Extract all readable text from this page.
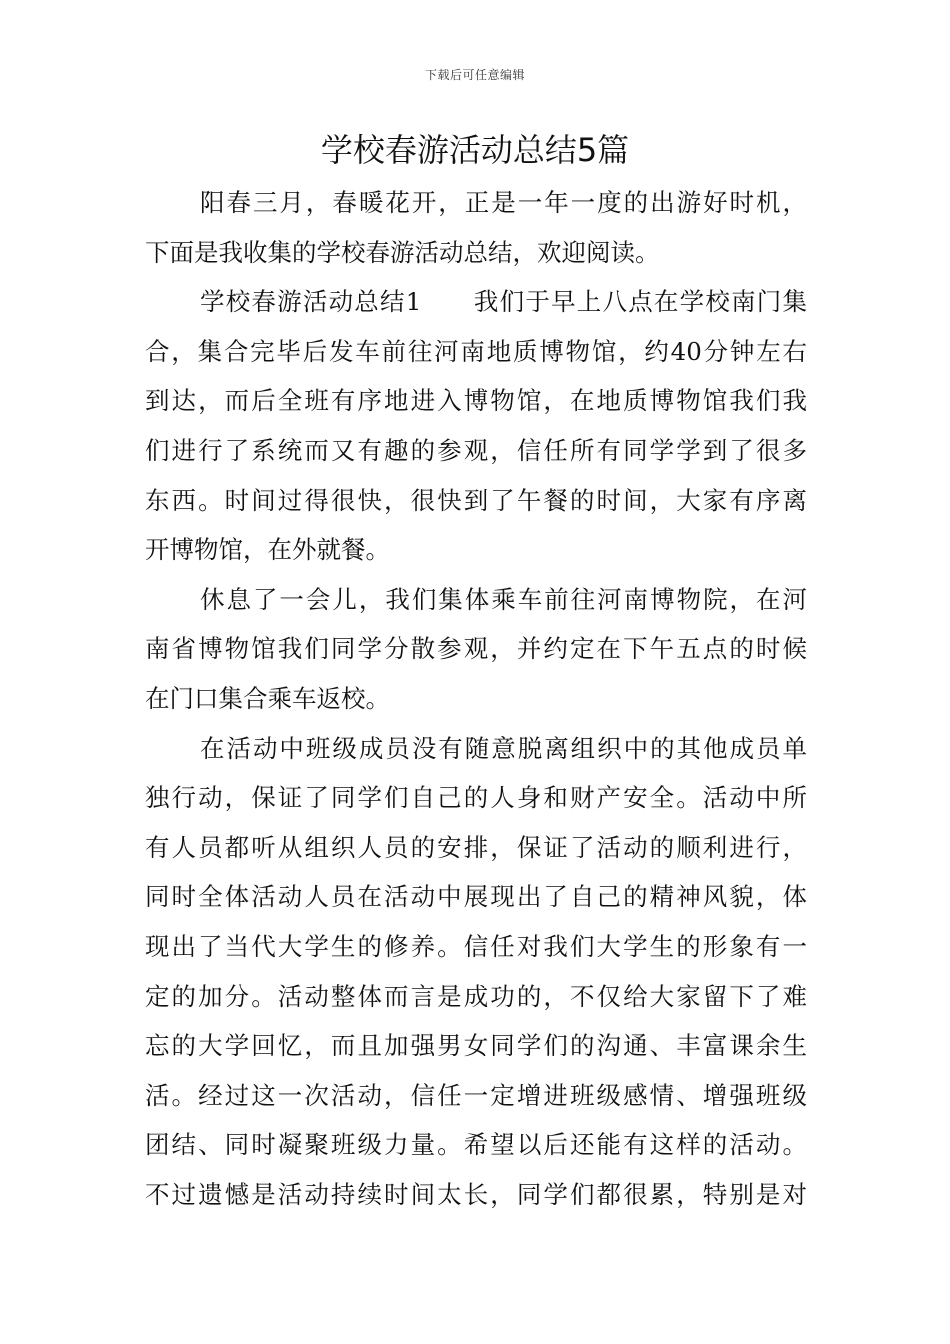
下载后可任意编辑
学校春游活动总结5篇
阳春三月，春暖花开，正是一年一度的出游好时机，
下面是我收集的学校春游活动总结，欢迎阅读。
学校春游活动总结1　　我们于早上八点在学校南门集
合，集合完毕后发车前往河南地质博物馆，约40分钟左右
到达，而后全班有序地进入博物馆，在地质博物馆我们我
们进行了系统而又有趣的参观，信任所有同学学到了很多
东西。时间过得很快，很快到了午餐的时间，大家有序离
开博物馆，在外就餐。
休息了一会儿，我们集体乘车前往河南博物院，在河
南省博物馆我们同学分散参观，并约定在下午五点的时候
在门口集合乘车返校。
在活动中班级成员没有随意脱离组织中的其他成员单
独行动，保证了同学们自己的人身和财产安全。活动中所
有人员都听从组织人员的安排，保证了活动的顺利进行，
同时全体活动人员在活动中展现出了自己的精神风貌，体
现出了当代大学生的修养。信任对我们大学生的形象有一
定的加分。活动整体而言是成功的，不仅给大家留下了难
忘的大学回忆，而且加强男女同学们的沟通、丰富课余生
活。经过这一次活动，信任一定增进班级感情、增强班级
团结、同时凝聚班级力量。希望以后还能有这样的活动。
不过遗憾是活动持续时间太长，同学们都很累，特别是对
